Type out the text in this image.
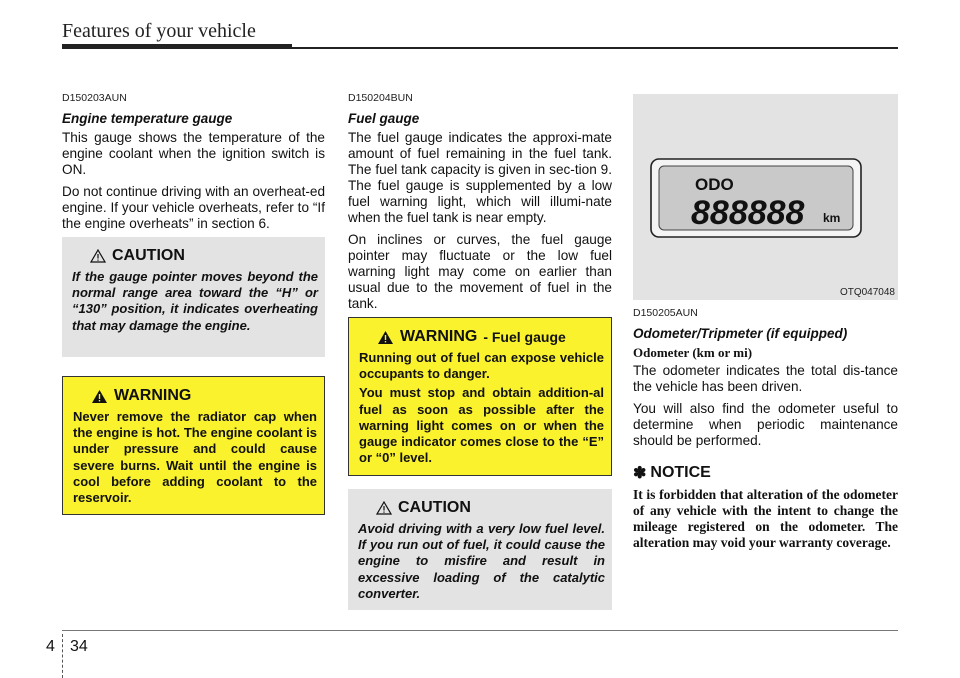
Features of your vehicle

D150203AUN

Engine temperature gauge

This gauge shows the temperature of the engine coolant when the ignition switch is ON.

Do not continue driving with an overheat-ed engine. If your vehicle overheats, refer to “If the engine overheats” in section 6.

CAUTION

If the gauge pointer moves beyond the normal range area toward the “H” or “130” position, it indicates overheating that may damage the engine.

WARNING

Never remove the radiator cap when the engine is hot. The engine coolant is under pressure and could cause severe burns. Wait until the engine is cool before adding coolant to the reservoir.

D150204BUN

Fuel gauge

The fuel gauge indicates the approxi-mate amount of fuel remaining in the fuel tank. The fuel tank capacity is given in sec-tion 9. The fuel gauge is supplemented by a low fuel warning light, which will illumi-nate when the fuel tank is near empty.

On inclines or curves, the fuel gauge pointer may fluctuate or the low fuel warning light may come on earlier than usual due to the movement of fuel in the tank.

WARNING - Fuel gauge

Running out of fuel can expose vehicle occupants to danger.

You must stop and obtain addition-al fuel as soon as possible after the warning light comes on or when the gauge indicator comes close to the “E” or “0” level.

CAUTION

Avoid driving with a very low fuel level. If you run out of fuel, it could cause the engine to misfire and result in excessive loading of the catalytic converter.

ODO
888888 km
OTQ047048

D150205AUN

Odometer/Tripmeter (if equipped)

Odometer (km or mi)

The odometer indicates the total dis-tance the vehicle has been driven.

You will also find the odometer useful to determine when periodic maintenance should be performed.

✽ NOTICE

It is forbidden that alteration of the odometer of any vehicle with the intent to change the mileage registered on the odometer. The alteration may void your warranty coverage.

4 34
